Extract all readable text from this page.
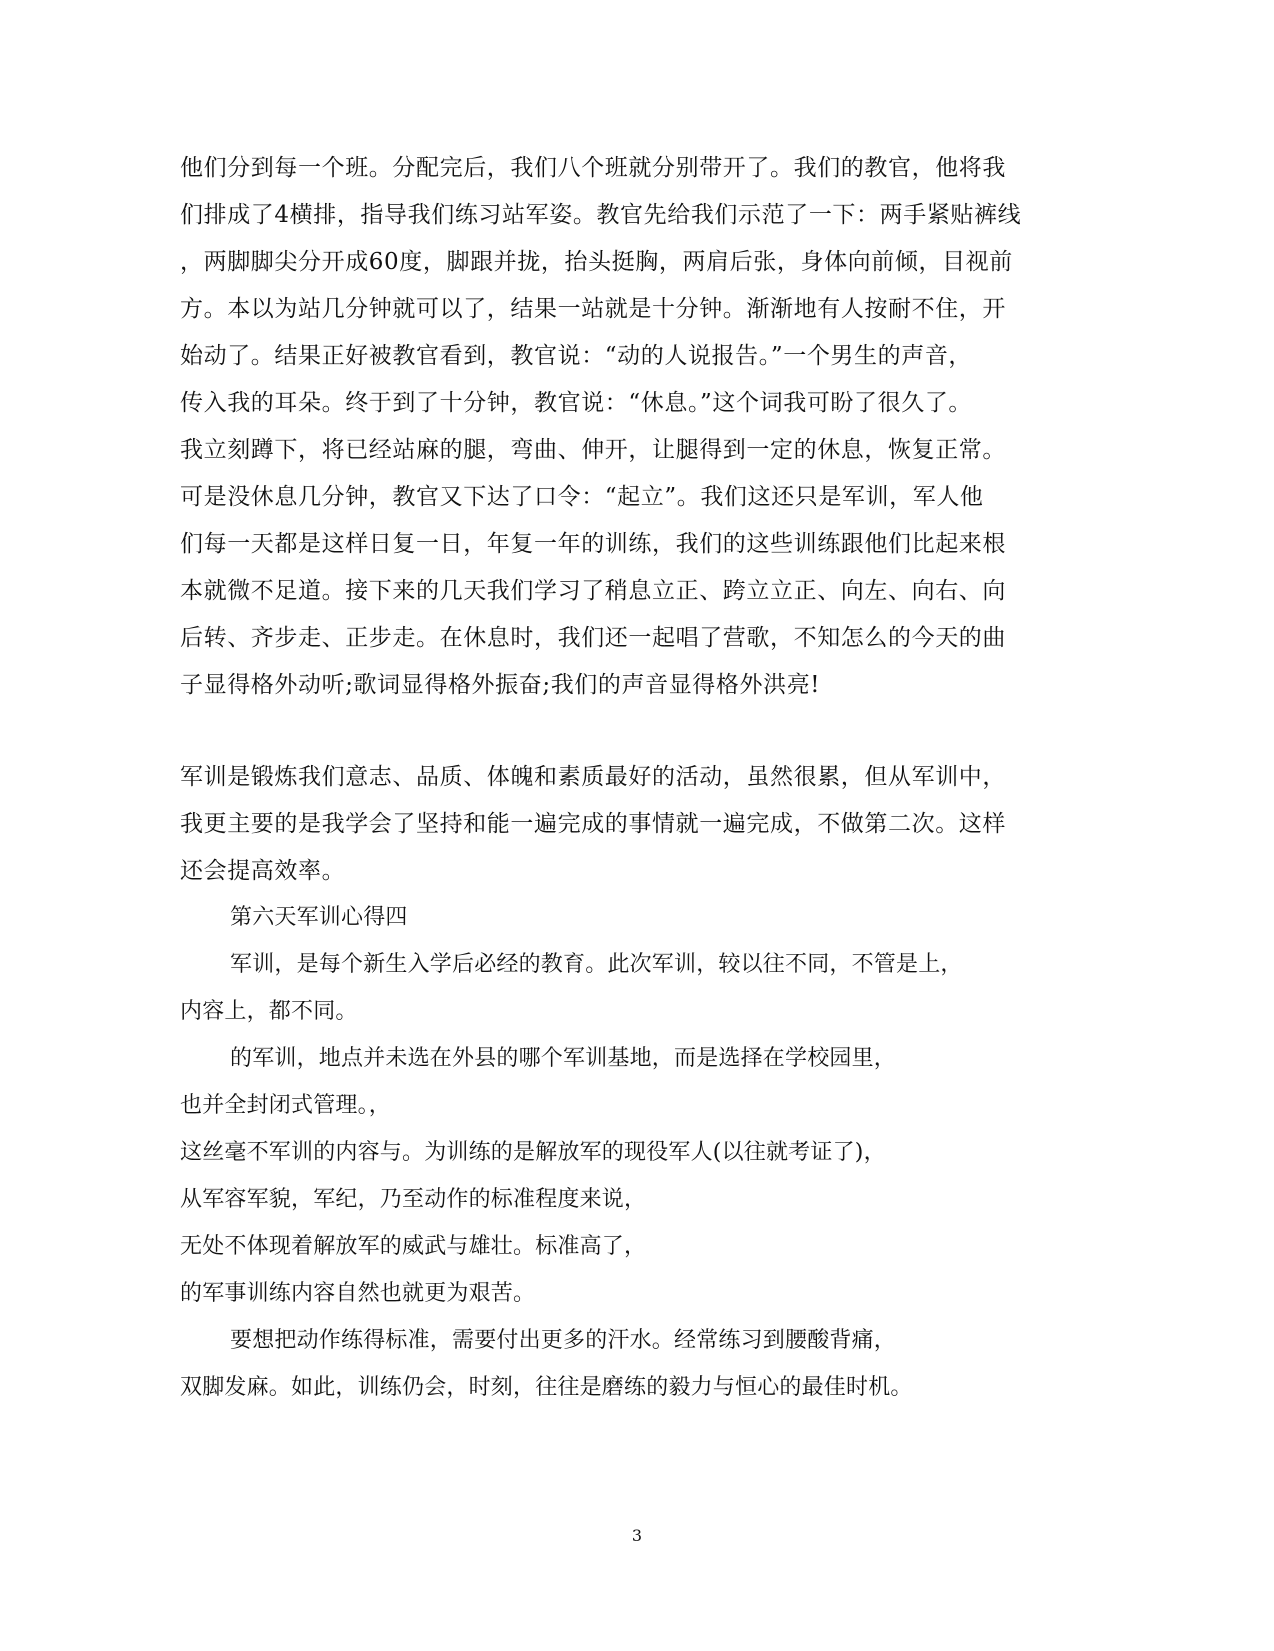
他们分到每一个班。分配完后，我们八个班就分别带开了。我们的教官，他将我
们排成了4横排，指导我们练习站军姿。教官先给我们示范了一下：两手紧贴裤线
，两脚脚尖分开成60度，脚跟并拢，抬头挺胸，两肩后张，身体向前倾，目视前
方。本以为站几分钟就可以了，结果一站就是十分钟。渐渐地有人按耐不住，开
始动了。结果正好被教官看到，教官说：“动的人说报告。”一个男生的声音，
传入我的耳朵。终于到了十分钟，教官说：“休息。”这个词我可盼了很久了。
我立刻蹲下，将已经站麻的腿，弯曲、伸开，让腿得到一定的休息，恢复正常。
可是没休息几分钟，教官又下达了口令：“起立”。我们这还只是军训，军人他
们每一天都是这样日复一日，年复一年的训练，我们的这些训练跟他们比起来根
本就微不足道。接下来的几天我们学习了稍息立正、跨立立正、向左、向右、向
后转、齐步走、正步走。在休息时，我们还一起唱了营歌，不知怎么的今天的曲
子显得格外动听;歌词显得格外振奋;我们的声音显得格外洪亮!
军训是锻炼我们意志、品质、体魄和素质最好的活动，虽然很累，但从军训中，
我更主要的是我学会了坚持和能一遍完成的事情就一遍完成，不做第二次。这样
还会提高效率。
第六天军训心得四
军训，是每个新生入学后必经的教育。此次军训，较以往不同，不管是上，
内容上，都不同。
的军训，地点并未选在外县的哪个军训基地，而是选择在学校园里，
也并全封闭式管理。，
这丝毫不军训的内容与。为训练的是解放军的现役军人(以往就考证了)，
从军容军貌，军纪，乃至动作的标准程度来说，
无处不体现着解放军的威武与雄壮。标准高了，
的军事训练内容自然也就更为艰苦。
要想把动作练得标准，需要付出更多的汗水。经常练习到腰酸背痛，
双脚发麻。如此，训练仍会，时刻，往往是磨练的毅力与恒心的最佳时机。
3
